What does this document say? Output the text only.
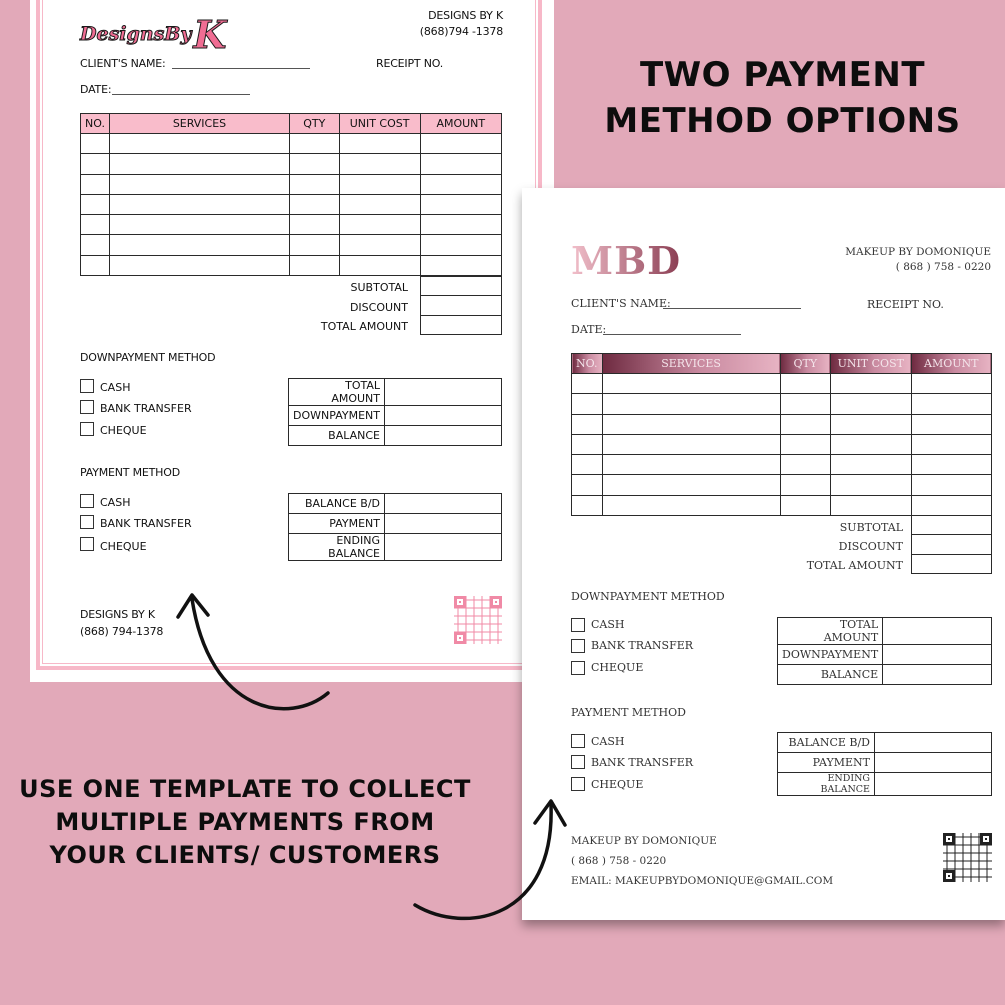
DesignsByK	DESIGNS BY K
(868)794 -1378
CLIENT'S NAME:	RECEIPT NO.
DATE:
NO.	SERVICES	QTY	UNIT COST	AMOUNT

SUBTOTAL
DISCOUNT
TOTAL AMOUNT
DOWNPAYMENT METHOD
CASH
BANK TRANSFER
CHEQUE
TOTAL AMOUNT	
DOWNPAYMENT	
BALANCE	
PAYMENT METHOD
CASH
BANK TRANSFER
CHEQUE
BALANCE B/D	
PAYMENT	
ENDING BALANCE	
DESIGNS BY K
(868) 794-1378
MBD	MAKEUP BY DOMONIQUE
( 868 ) 758 - 0220
CLIENT'S NAME:	RECEIPT NO.
DATE:
NO.	SERVICES	QTY	UNIT COST	AMOUNT

SUBTOTAL
DISCOUNT
TOTAL AMOUNT
DOWNPAYMENT METHOD
CASH
BANK TRANSFER
CHEQUE
TOTAL AMOUNT	
DOWNPAYMENT	
BALANCE	
PAYMENT METHOD
CASH
BANK TRANSFER
CHEQUE
BALANCE B/D	
PAYMENT	
ENDING BALANCE	
MAKEUP BY DOMONIQUE
( 868 ) 758 - 0220
EMAIL: MAKEUPBYDOMONIQUE@GMAIL.COM
TWO PAYMENT
METHOD OPTIONS
USE ONE TEMPLATE TO COLLECT
MULTIPLE PAYMENTS FROM
YOUR CLIENTS/ CUSTOMERS
